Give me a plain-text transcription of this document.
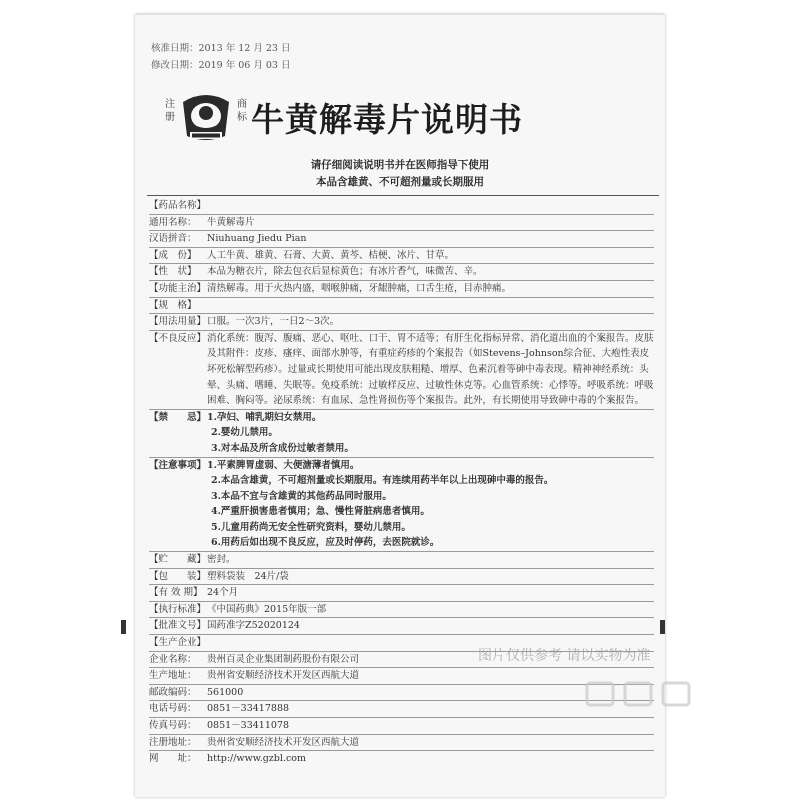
核准日期：2013 年 12 月 23 日
修改日期：2019 年 06 月 03 日
注册
商标 牛黄解毒片说明书
请仔细阅读说明书并在医师指导下使用
本品含雄黄、不可超剂量或长期服用
【药品名称】
通用名称：	牛黄解毒片
汉语拼音：	Niuhuang Jiedu Pian
【成　份】	人工牛黄、雄黄、石膏、大黄、黄芩、桔梗、冰片、甘草。
【性　状】	本品为糖衣片，除去包衣后显棕黄色；有冰片香气，味微苦、辛。
【功能主治】 清热解毒。用于火热内盛，咽喉肿痛，牙龈肿痛，口舌生疮，目赤肿痛。
【规　格】
【用法用量】 口服。一次3片，一日2～3次。
【不良反应】 消化系统：腹泻、腹痛、恶心、呕吐、口干、胃不适等；有肝生化指标异常、消化道出血的个案报告。皮肤及其附件：皮疹、瘙痒、面部水肿等，有重症药疹的个案报告（如Stevens–Johnson综合征、大疱性表皮坏死松解型药疹）。过量或长期使用可能出现皮肤粗糙、增厚、色素沉着等砷中毒表现。精神神经系统：头晕、头痛、嗜睡、失眠等。免疫系统：过敏样反应、过敏性休克等。心血管系统：心悸等。呼吸系统：呼吸困难、胸闷等。泌尿系统：有血尿、急性肾损伤等个案报告。此外，有长期使用导致砷中毒的个案报告。
【禁　　忌】 1.孕妇、哺乳期妇女禁用。
2.婴幼儿禁用。
3.对本品及所含成份过敏者禁用。
【注意事项】 1.平素脾胃虚弱、大便溏薄者慎用。
2.本品含雄黄，不可超剂量或长期服用。有连续用药半年以上出现砷中毒的报告。
3.本品不宜与含雄黄的其他药品同时服用。
4.严重肝损害患者慎用；急、慢性肾脏病患者慎用。
5.儿童用药尚无安全性研究资料，婴幼儿禁用。
6.用药后如出现不良反应，应及时停药，去医院就诊。
【贮　　藏】 密封。
【包　　装】 塑料袋装　24片/袋
【有 效 期】 24个月
【执行标准】 《中国药典》2015年版一部
【批准文号】 国药准字Z52020124
【生产企业】
企业名称：	贵州百灵企业集团制药股份有限公司
生产地址：	贵州省安顺经济技术开发区西航大道
邮政编码：	561000
电话号码：	0851－33417888
传真号码：	0851－33411078
注册地址：	贵州省安顺经济技术开发区西航大道
网　　址：	http://www.gzbl.com
图片仅供参考 请以实物为准
